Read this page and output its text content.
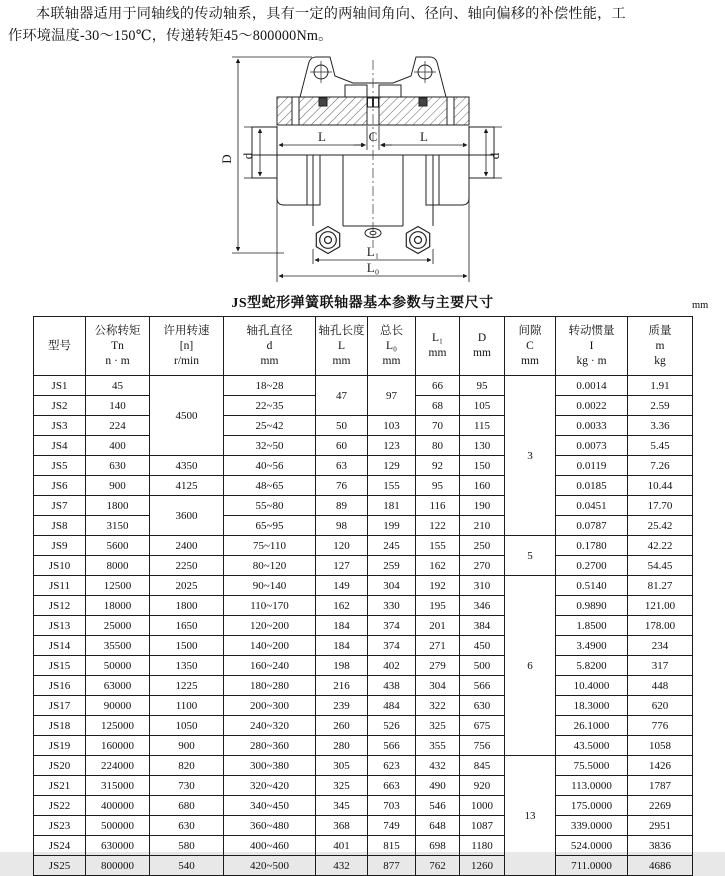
本联轴器适用于同轴线的传动轴系，具有一定的两轴间角向、径向、轴向偏移的补偿性能，工
作环境温度-30～150℃，传递转矩45～800000Nm。
D d	d
L	C	L
L₁
L₀
JS型蛇形弹簧联轴器基本参数与主要尺寸	mm
型号

公称转矩
Tn
n · m

许用转速
[n]
r/min

轴孔直径
d
mm

轴孔长度
L
mm

总长
L₀
mm

L₁
mm

D
mm

间隙
C
mm

转动惯量
I
kg · m

质量
m
kg

JS1	45	4500	18~28	47	97	66	95	3	0.0014	1.91
JS2	140		22~35			68	105		0.0022	2.59
JS3	224		25~42	50	103	70	115		0.0033	3.36
JS4	400		32~50	60	123	80	130		0.0073	5.45
JS5	630	4350	40~56	63	129	92	150		0.0119	7.26
JS6	900	4125	48~65	76	155	95	160		0.0185	10.44
JS7	1800	3600	55~80	89	181	116	190		0.0451	17.70
JS8	3150		65~95	98	199	122	210		0.0787	25.42
JS9	5600	2400	75~110	120	245	155	250	5	0.1780	42.22
JS10	8000	2250	80~120	127	259	162	270		0.2700	54.45
JS11	12500	2025	90~140	149	304	192	310	6	0.5140	81.27
JS12	18000	1800	110~170	162	330	195	346		0.9890	121.00
JS13	25000	1650	120~200	184	374	201	384		1.8500	178.00
JS14	35500	1500	140~200	184	374	271	450		3.4900	234
JS15	50000	1350	160~240	198	402	279	500		5.8200	317
JS16	63000	1225	180~280	216	438	304	566		10.4000	448
JS17	90000	1100	200~300	239	484	322	630		18.3000	620
JS18	125000	1050	240~320	260	526	325	675		26.1000	776
JS19	160000	900	280~360	280	566	355	756		43.5000	1058
JS20	224000	820	300~380	305	623	432	845	13	75.5000	1426
JS21	315000	730	320~420	325	663	490	920		113.0000	1787
JS22	400000	680	340~450	345	703	546	1000		175.0000	2269
JS23	500000	630	360~480	368	749	648	1087		339.0000	2951
JS24	630000	580	400~460	401	815	698	1180		524.0000	3836
JS25	800000	540	420~500	432	877	762	1260		711.0000	4686
